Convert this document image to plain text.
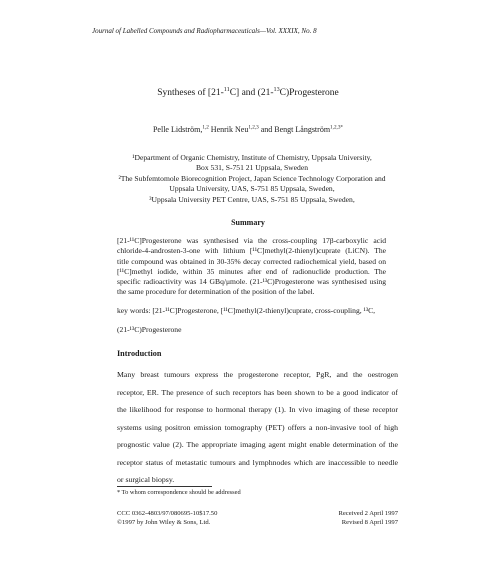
Journal of Labelled Compounds and Radiopharmaceuticals—Vol. XXXIX, No. 8
Syntheses of [21-$^{11}$C] and (21-$^{13}$C)Progesterone
Pelle Lidström,$^{1,2}$ Henrik Neu$^{1,2,3}$ and Bengt Långström$^{1,2,3*}$
¹Department of Organic Chemistry, Institute of Chemistry, Uppsala University,
Box 531, S-751 21 Uppsala, Sweden
²The Subfemtomole Biorecognition Project, Japan Science Technology Corporation and
Uppsala University, UAS, S-751 85 Uppsala, Sweden,
³Uppsala University PET Centre, UAS, S-751 85 Uppsala, Sweden,
Summary
[21-¹¹C]Progesterone was synthesised via the cross-coupling 17β-carboxylic acid
chloride-4-androsten-3-one with lithium [¹¹C]methyl(2-thienyl)cuprate (LiCN). The
title compound was obtained in 30-35% decay corrected radiochemical yield, based on
[¹¹C]methyl iodide, within 35 minutes after end of radionuclide production. The
specific radioactivity was 14 GBq/μmole. (21-¹³C)Progesterone was synthesised using
the same procedure for determination of the position of the label.
key words: [21-¹¹C]Progesterone, [¹¹C]methyl(2-thienyl)cuprate, cross-coupling, ¹³C,
(21-¹³C)Progesterone
Introduction
Many breast tumours express the progesterone receptor, PgR, and the oestrogen
receptor, ER. The presence of such receptors has been shown to be a good indicator of
the likelihood for response to hormonal therapy (1). In vivo imaging of these receptor
systems using positron emission tomography (PET) offers a non-invasive tool of high
prognostic value (2). The appropriate imaging agent might enable determination of the
receptor status of metastatic tumours and lymphnodes which are inaccessible to needle
or surgical biopsy.
* To whom correspondence should be addressed
CCC 0362-4803/97/080695-10$17.50
©1997 by John Wiley & Sons, Ltd.
Received 2 April 1997
Revised 8 April 1997
